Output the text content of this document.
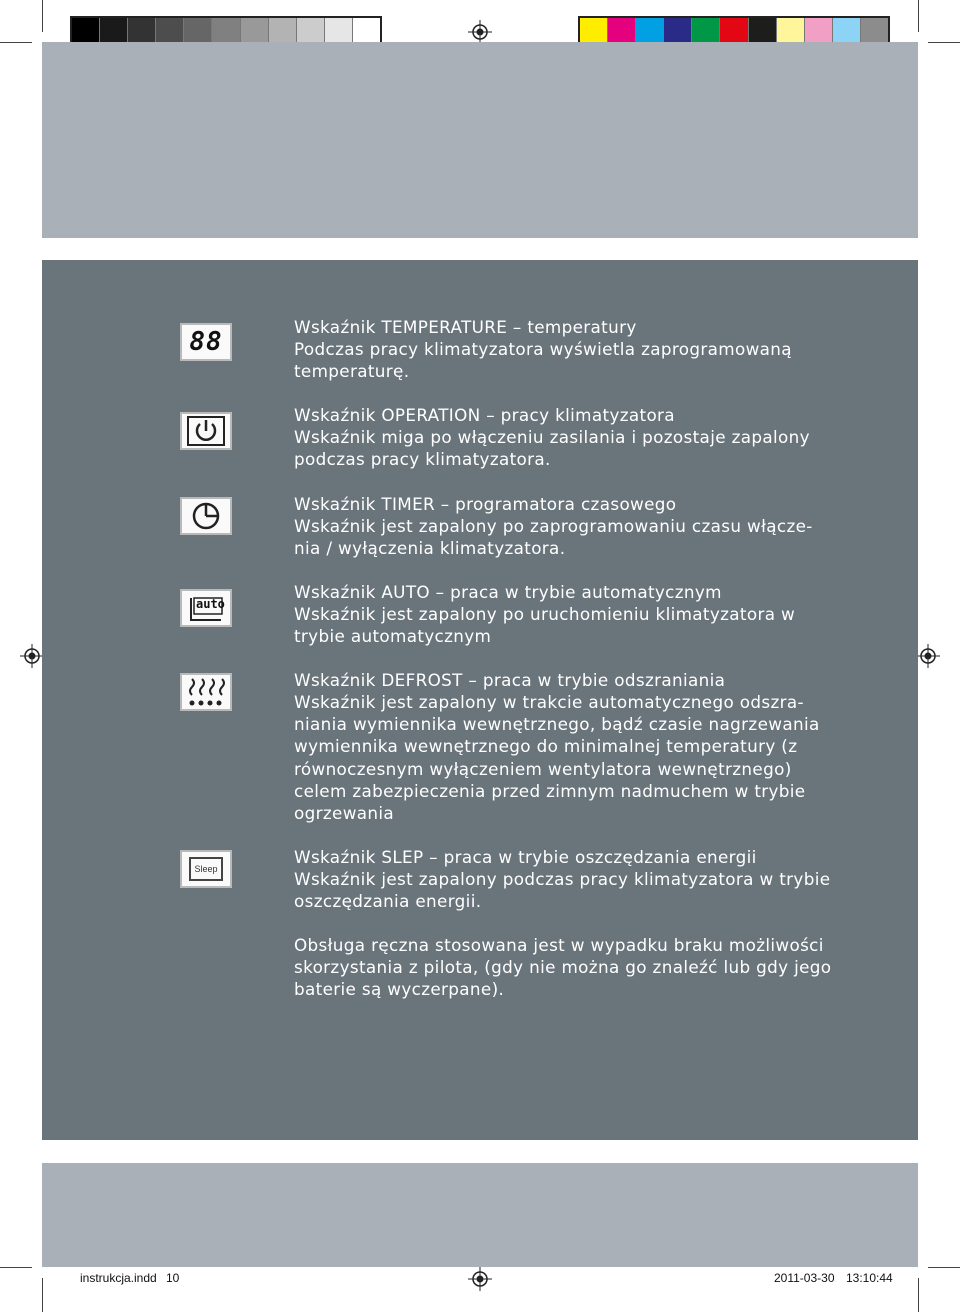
88
auto
Sleep

Wskaźnik TEMPERATURE – temperatury

Podczas pracy klimatyzatora wyświetla zaprogramowaną

temperaturę.

Wskaźnik OPERATION – pracy klimatyzatora

Wskaźnik miga po włączeniu zasilania i pozostaje zapalony

podczas pracy klimatyzatora.

Wskaźnik TIMER – programatora czasowego

Wskaźnik jest zapalony po zaprogramowaniu czasu włącze-

nia / wyłączenia klimatyzatora.

Wskaźnik AUTO – praca w trybie automatycznym

Wskaźnik jest zapalony po uruchomieniu klimatyzatora w

trybie automatycznym

Wskaźnik DEFROST – praca w trybie odszraniania

Wskaźnik jest zapalony w trakcie automatycznego odszra-

niania wymiennika wewnętrznego, bądź czasie nagrzewania

wymiennika wewnętrznego do minimalnej temperatury (z

równoczesnym wyłączeniem wentylatora wewnętrznego)

celem zabezpieczenia przed zimnym nadmuchem w trybie

ogrzewania

Wskaźnik SLEP – praca w trybie oszczędzania energii

Wskaźnik jest zapalony podczas pracy klimatyzatora w trybie

oszczędzania energii.

Obsługa ręczna stosowana jest w wypadku braku możliwości

skorzystania z pilota, (gdy nie można go znaleźć lub gdy jego

baterie są wyczerpane).

instrukcja.indd 10	2011-03-30 13:10:44
